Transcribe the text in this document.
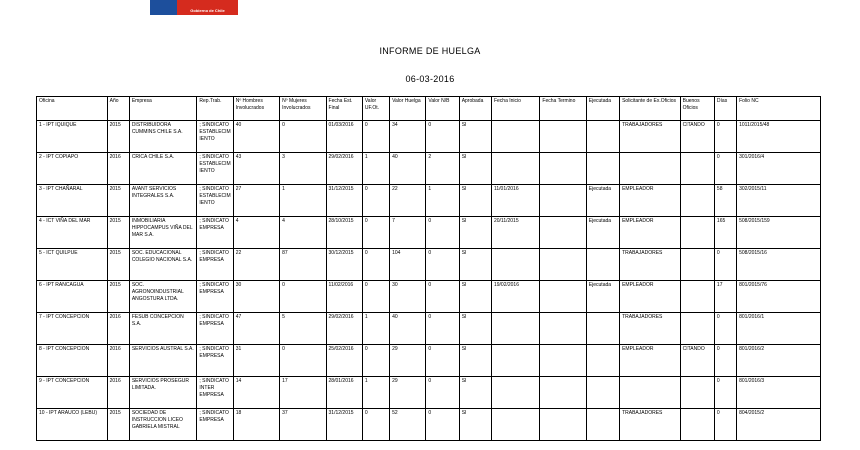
Gobierno de Chile
INFORME DE HUELGA
06-03-2016
Oficina	Año	Empresa	Rep.Trab.	Nº Hombres Involucrados	Nº Mujeres Involucrados	Fecha Est. Final	Valor UF.Ot.	Valor Huelga	Valor N/B	Aprobada	Fecha Inicio	Fecha Termino	Ejecutada	Solicitante de Ex.Oficios	Buenos Oficios	Días	Folio NC
1 - IPT IQUIQUE	2015	DISTRIBUIDORA CUMMINS CHILE S.A.	; SINDICATO ESTABLECIM IENTO	40	0	01/03/2016	0	34	0	SI				TRABAJADORES	CITANDO	0	1011/2015/48
2 - IPT COPIAPO	2016	CRICA CHILE S.A.	; SINDICATO ESTABLECIM IENTO	43	3	29/02/2016	1	40	2	SI						0	301/2016/4
3 - IPT CHAÑARAL	2015	AVANT SERVICIOS INTEGRALES S.A.	; SINDICATO ESTABLECIM IENTO	27	1	31/12/2015	0	22	1	SI	11/01/2016		Ejecutada	EMPLEADOR		58	302/2015/11
4 - ICT VIÑA DEL MAR	2015	INMOBILIARIA HIPPOCAMPUS VIÑA DEL MAR S.A.	; SINDICATO EMPRESA	4	4	28/10/2015	0	7	0	SI	20/11/2015		Ejecutada	EMPLEADOR		165	508/2015/159
5 - ICT QUILPUE	2015	SOC. EDUCACIONAL COLEGIO NACIONAL S.A.	; SINDICATO EMPRESA	22	87	30/12/2015	0	104	0	SI				TRABAJADORES		0	508/2015/16
6 - IPT RANCAGUA	2015	SOC. AGRONOINDUSTRIAL ANGOSTURA LTDA.	; SINDICATO EMPRESA	30	0	11/02/2016	0	30	0	SI	19/02/2016		Ejecutada	EMPLEADOR		17	801/2015/76
7 - IPT CONCEPCION	2016	FESUB CONCEPCION S.A.	; SINDICATO EMPRESA	47	5	29/02/2016	1	40	0	SI				TRABAJADORES		0	801/2016/1
8 - IPT CONCEPCION	2016	SERVICIOS AUSTRAL S.A.	; SINDICATO EMPRESA	31	0	25/02/2016	0	29	0	SI				EMPLEADOR	CITANDO	0	801/2016/2
9 - IPT CONCEPCION	2016	SERVICIOS PROSEGUR LIMITADA.	; SINDICATO INTER EMPRESA	14	17	28/01/2016	1	29	0	SI						0	801/2016/3
10 - IPT ARAUCO (LEBU)	2015	SOCIEDAD DE INSTRUCCION LICEO GABRIELA MISTRAL	; SINDICATO EMPRESA	18	37	31/12/2015	0	52	0	SI				TRABAJADORES		0	804/2015/2
